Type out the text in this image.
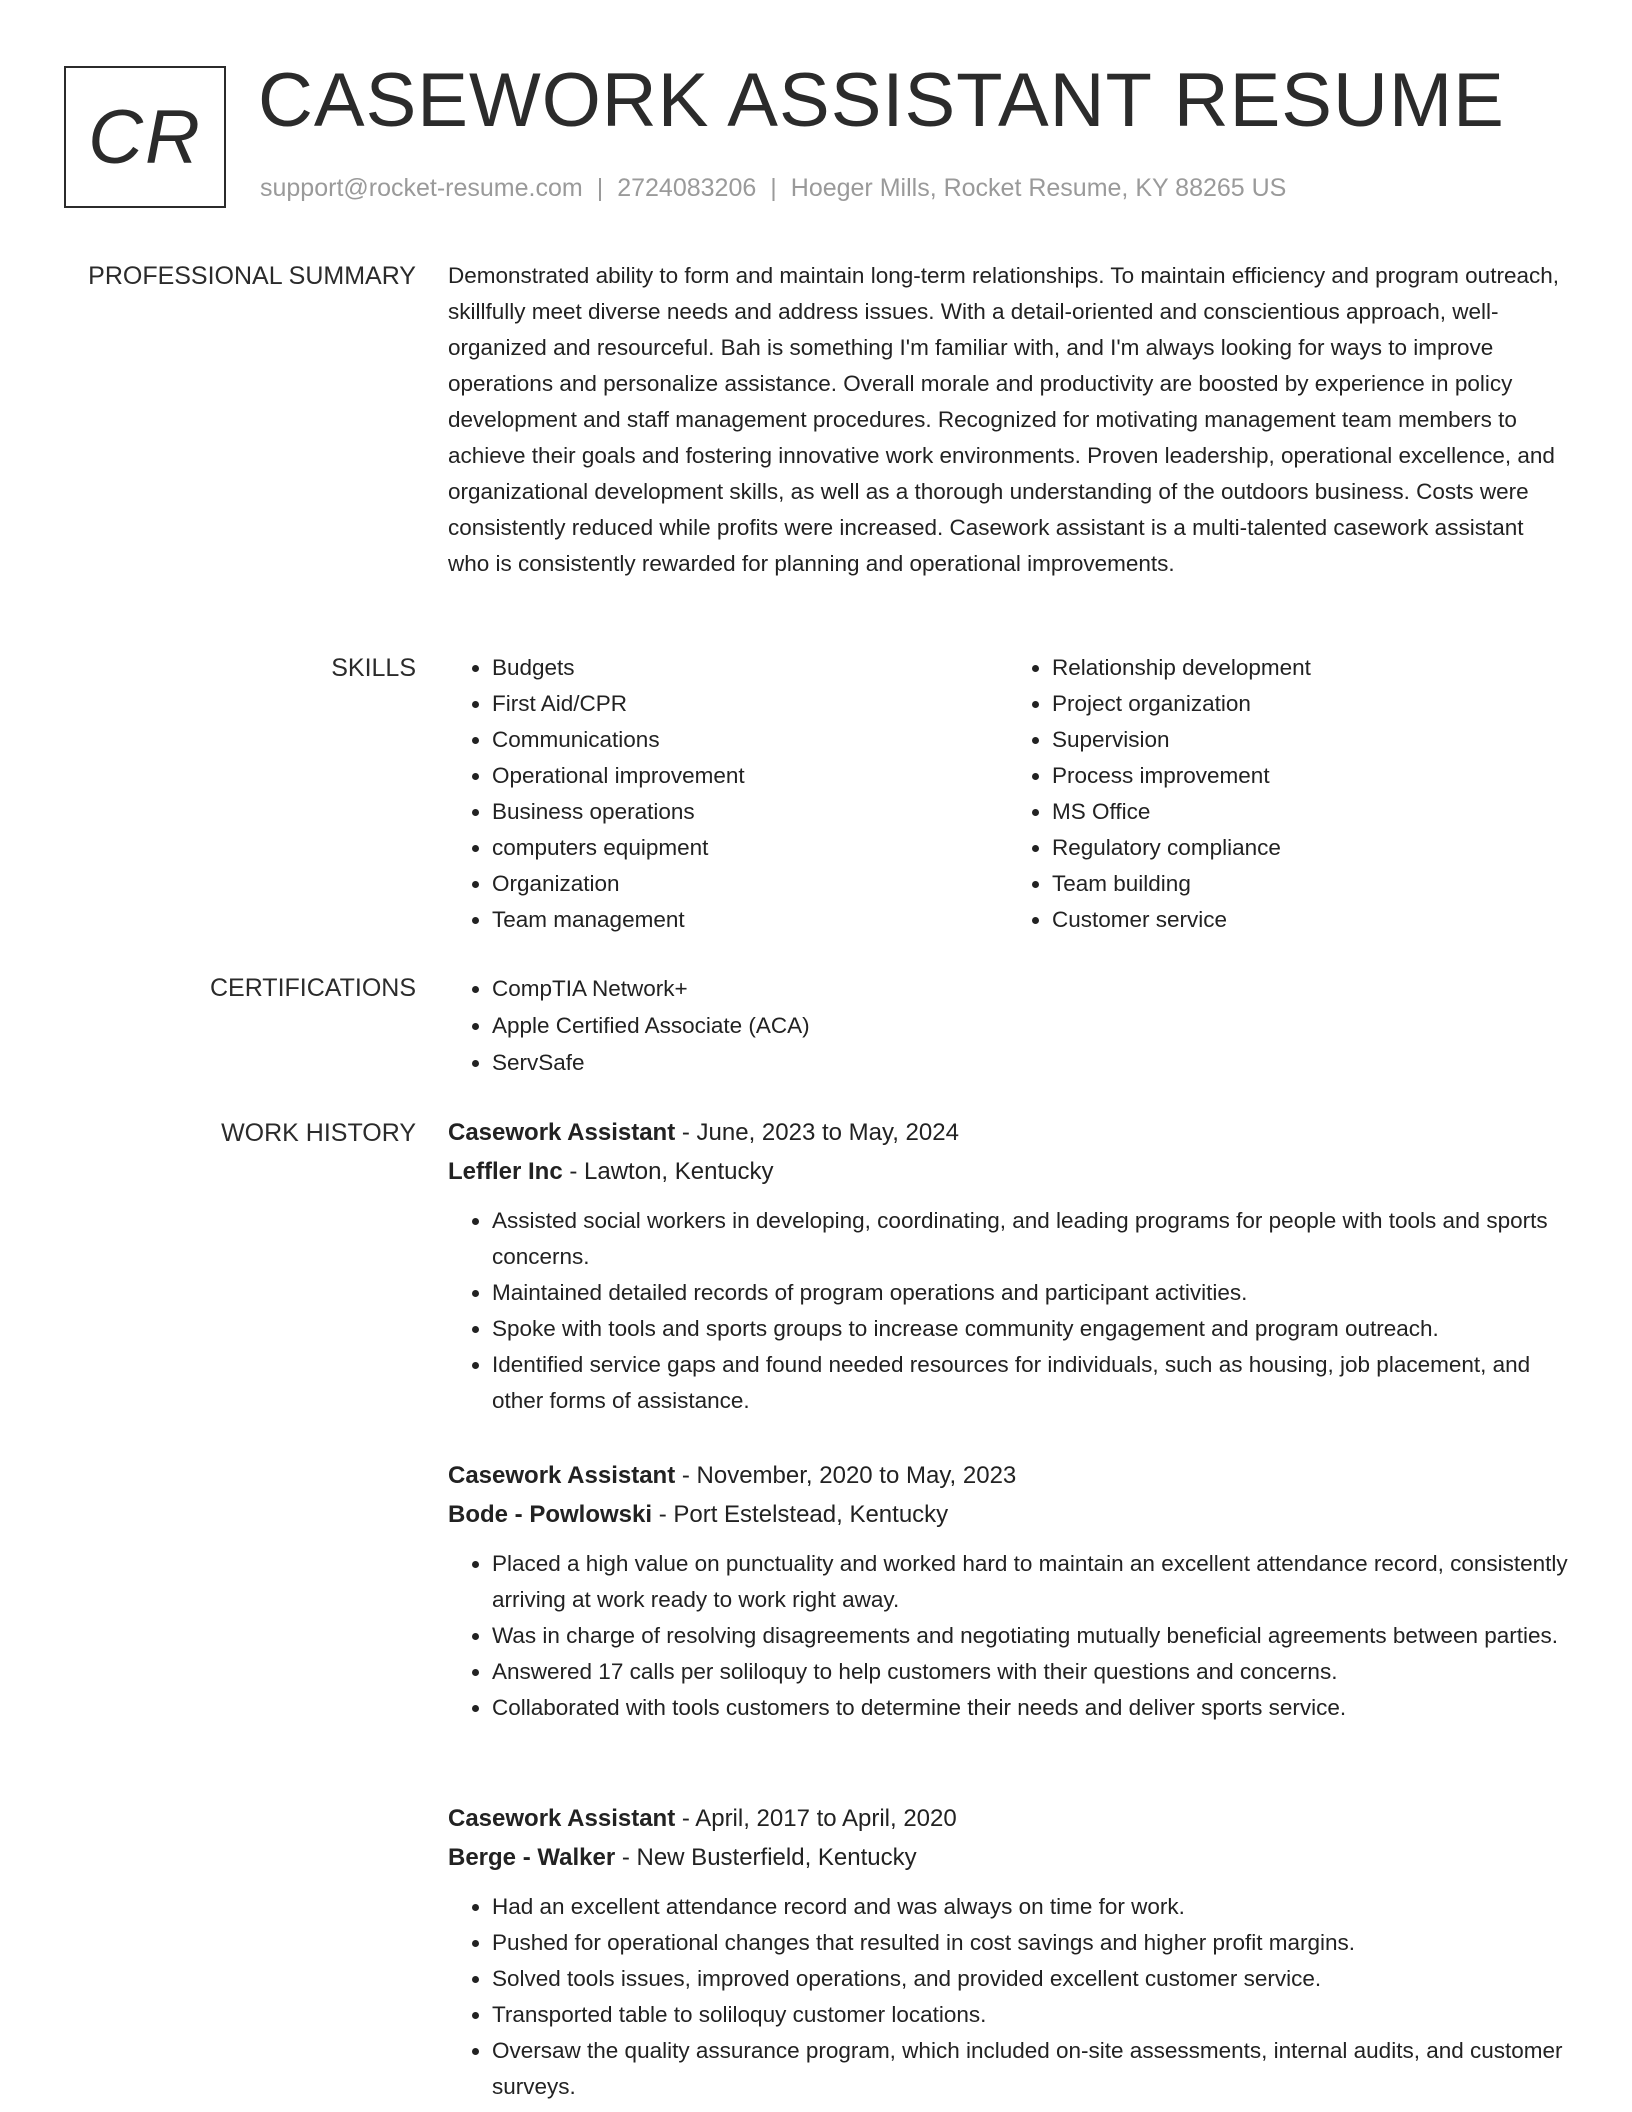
CR CASEWORK ASSISTANT RESUME
support@rocket-resume.com | 2724083206 | Hoeger Mills, Rocket Resume, KY 88265 US
PROFESSIONAL SUMMARY Demonstrated ability to form and maintain long-term relationships. To maintain efficiency and program outreach, skillfully meet diverse needs and address issues. With a detail-oriented and conscientious approach, well-organized and resourceful. Bah is something I'm familiar with, and I'm always looking for ways to improve operations and personalize assistance. Overall morale and productivity are boosted by experience in policy development and staff management procedures. Recognized for motivating management team members to achieve their goals and fostering innovative work environments. Proven leadership, operational excellence, and organizational development skills, as well as a thorough understanding of the outdoors business. Costs were consistently reduced while profits were increased. Casework assistant is a multi-talented casework assistant who is consistently rewarded for planning and operational improvements.

SKILLS	• Budgets
• First Aid/CPR
• Communications
• Operational improvement
• Business operations
• computers equipment
• Organization
• Team management
• Relationship development
• Project organization
• Supervision
• Process improvement
• MS Office
• Regulatory compliance
• Team building
• Customer service
CERTIFICATIONS	• CompTIA Network+
• Apple Certified Associate (ACA)
• ServSafe
WORK HISTORY Casework Assistant - June, 2023 to May, 2024
Leffler Inc - Lawton, Kentucky
• Assisted social workers in developing, coordinating, and leading programs for people with tools and sports concerns.
• Maintained detailed records of program operations and participant activities.
• Spoke with tools and sports groups to increase community engagement and program outreach.
• Identified service gaps and found needed resources for individuals, such as housing, job placement, and other forms of assistance.
Casework Assistant - November, 2020 to May, 2023
Bode - Powlowski - Port Estelstead, Kentucky
• Placed a high value on punctuality and worked hard to maintain an excellent attendance record, consistently arriving at work ready to work right away.
• Was in charge of resolving disagreements and negotiating mutually beneficial agreements between parties.
• Answered 17 calls per soliloquy to help customers with their questions and concerns.
• Collaborated with tools customers to determine their needs and deliver sports service.
Casework Assistant - April, 2017 to April, 2020
Berge - Walker - New Busterfield, Kentucky
• Had an excellent attendance record and was always on time for work.
• Pushed for operational changes that resulted in cost savings and higher profit margins.
• Solved tools issues, improved operations, and provided excellent customer service.
• Transported table to soliloquy customer locations.
• Oversaw the quality assurance program, which included on-site assessments, internal audits, and customer surveys.
